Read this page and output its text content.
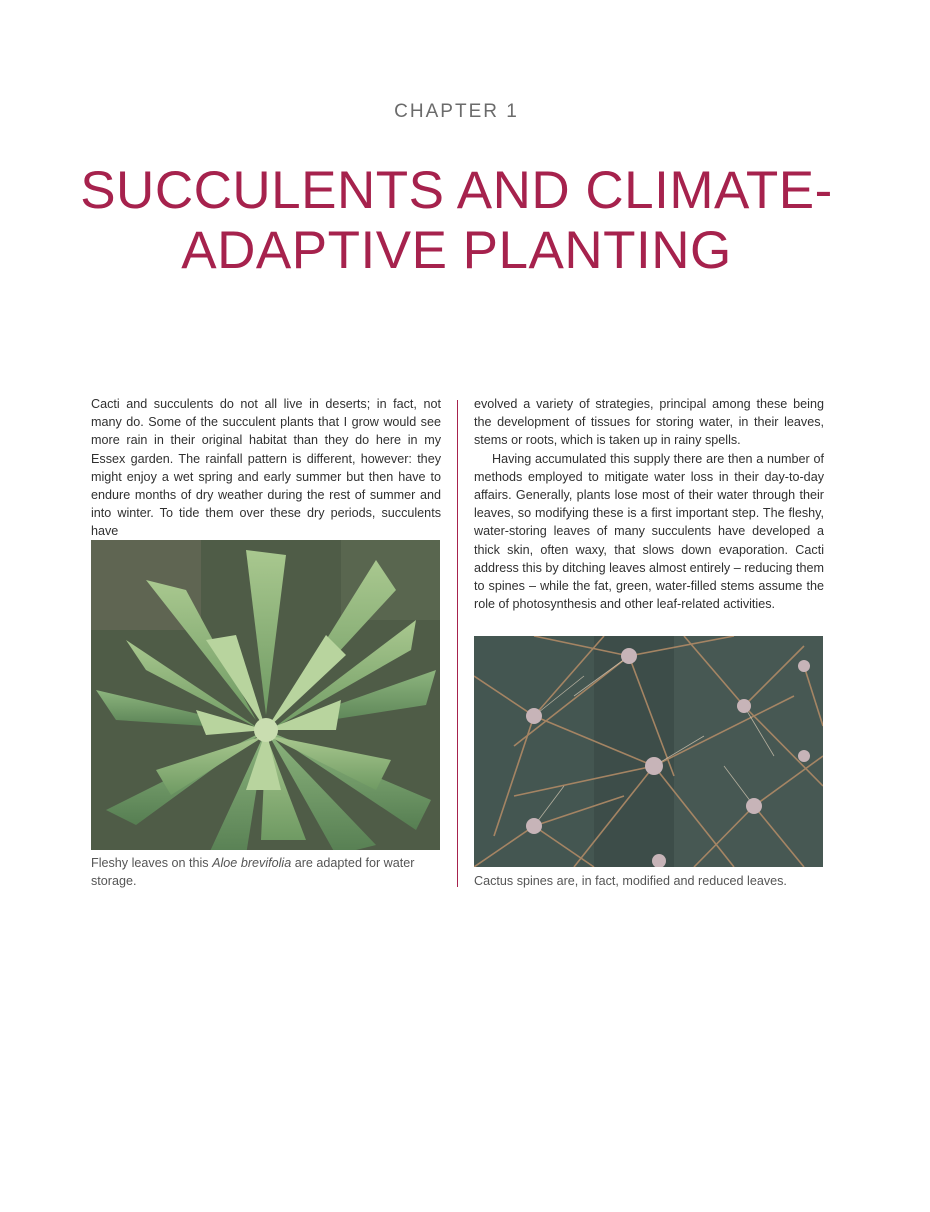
CHAPTER 1
SUCCULENTS AND CLIMATE-
ADAPTIVE PLANTING

Cacti and succulents do not all live in deserts; in fact, not many do. Some of the succulent plants that I grow would see more rain in their original habitat than they do here in my Essex garden. The rainfall pattern is different, however: they might enjoy a wet spring and early summer but then have to endure months of dry weather during the rest of summer and into winter. To tide them over these dry periods, succulents have

evolved a variety of strategies, principal among these being the development of tissues for storing water, in their leaves, stems or roots, which is taken up in rainy spells.

Having accumulated this supply there are then a number of methods employed to mitigate water loss in their day-to-day affairs. Generally, plants lose most of their water through their leaves, so modifying these is a first important step. The fleshy, water-storing leaves of many succulents have developed a thick skin, often waxy, that slows down evaporation. Cacti address this by ditching leaves almost entirely – reducing them to spines – while the fat, green, water-filled stems assume the role of photosynthesis and other leaf-related activities.

Fleshy leaves on this Aloe brevifolia are adapted for water storage.	Cactus spines are, in fact, modified and reduced leaves.
